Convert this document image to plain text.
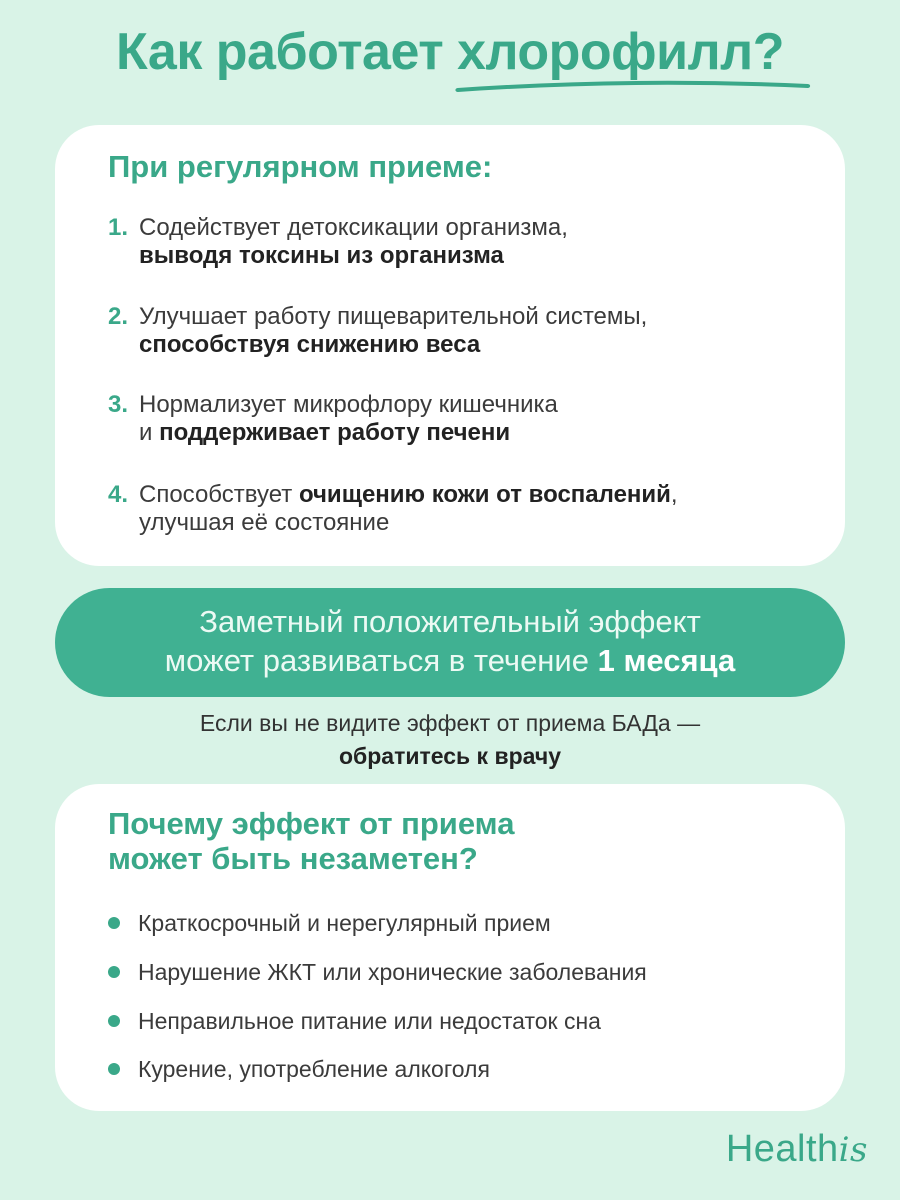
Как работает хлорофилл?
При регулярном приеме:
1. Содействует детоксикации организма,
выводя токсины из организма
2. Улучшает работу пищеварительной системы,
способствуя снижению веса
3. Нормализует микрофлору кишечника
и поддерживает работу печени
4. Способствует очищению кожи от воспалений,
улучшая её состояние
Заметный положительный эффект
может развиваться в течение 1 месяца
Если вы не видите эффект от приема БАДа —
обратитесь к врачу
Почему эффект от приема
может быть незаметен?
Краткосрочный и нерегулярный прием
Нарушение ЖКТ или хронические заболевания
Неправильное питание или недостаток сна
Курение, употребление алкоголя
Healthis
